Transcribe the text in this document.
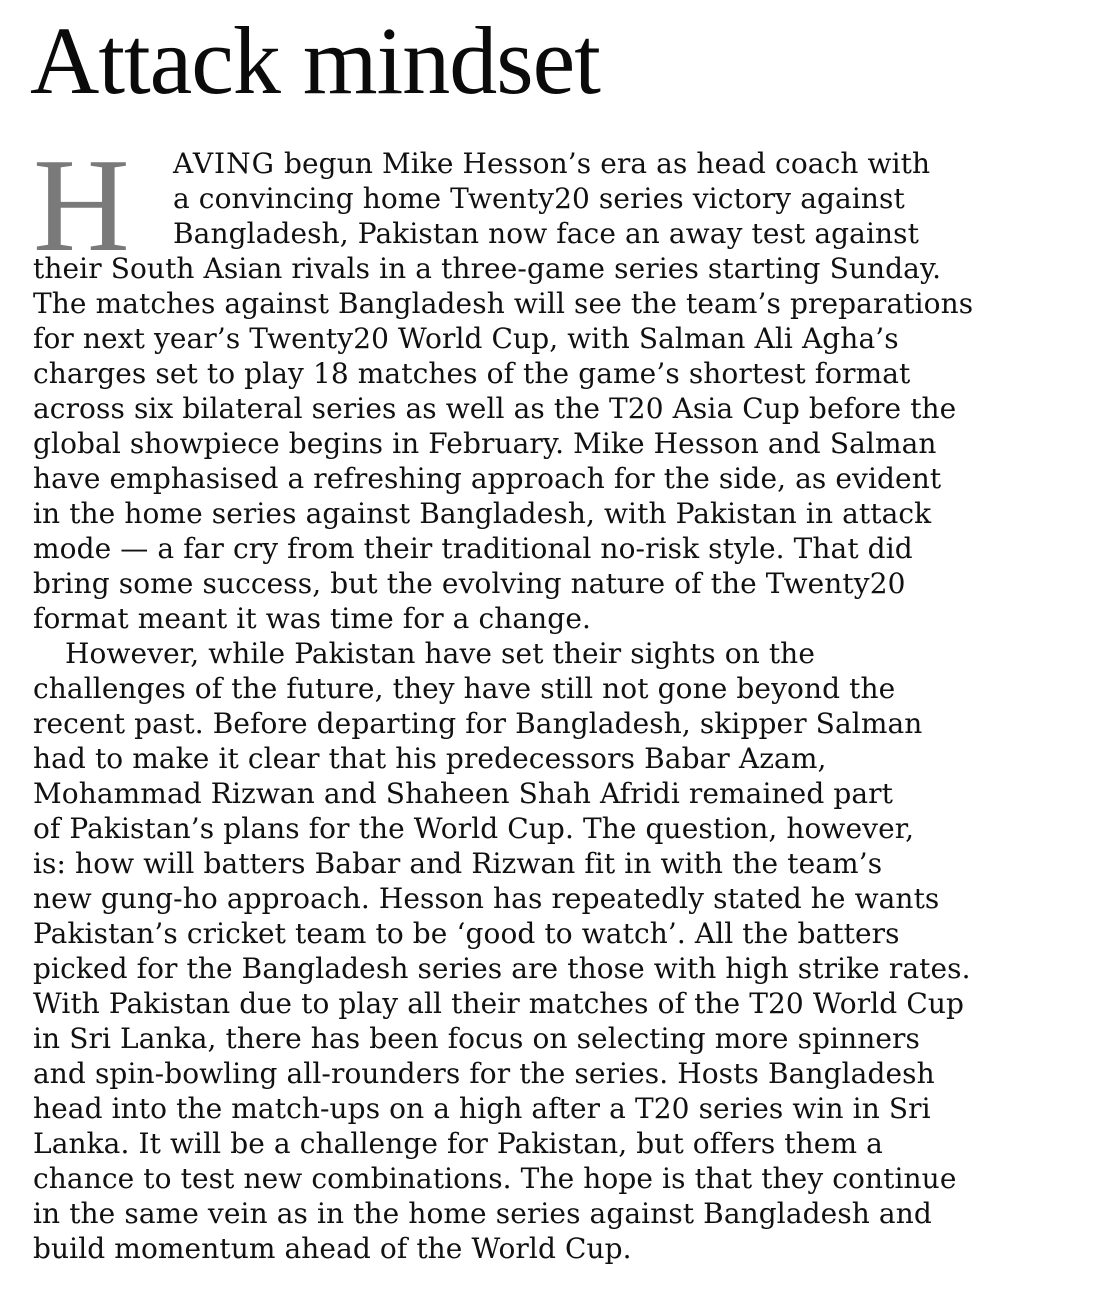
Attack mindset
H	AVING begun Mike Hesson’s era as head coach with
a convincing home Twenty20 series victory against
Bangladesh, Pakistan now face an away test against
their South Asian rivals in a three-game series starting Sunday.
The matches against Bangladesh will see the team’s preparations
for next year’s Twenty20 World Cup, with Salman Ali Agha’s
charges set to play 18 matches of the game’s shortest format
across six bilateral series as well as the T20 Asia Cup before the
global showpiece begins in February. Mike Hesson and Salman
have emphasised a refreshing approach for the side, as evident
in the home series against Bangladesh, with Pakistan in attack
mode — a far cry from their traditional no-risk style. That did
bring some success, but the evolving nature of the Twenty20
format meant it was time for a change.
However, while Pakistan have set their sights on the
challenges of the future, they have still not gone beyond the
recent past. Before departing for Bangladesh, skipper Salman
had to make it clear that his predecessors Babar Azam,
Mohammad Rizwan and Shaheen Shah Afridi remained part
of Pakistan’s plans for the World Cup. The question, however,
is: how will batters Babar and Rizwan fit in with the team’s
new gung-ho approach. Hesson has repeatedly stated he wants
Pakistan’s cricket team to be ‘good to watch’. All the batters
picked for the Bangladesh series are those with high strike rates.
With Pakistan due to play all their matches of the T20 World Cup
in Sri Lanka, there has been focus on selecting more spinners
and spin-bowling all-rounders for the series. Hosts Bangladesh
head into the match-ups on a high after a T20 series win in Sri
Lanka. It will be a challenge for Pakistan, but offers them a
chance to test new combinations. The hope is that they continue
in the same vein as in the home series against Bangladesh and
build momentum ahead of the World Cup.
